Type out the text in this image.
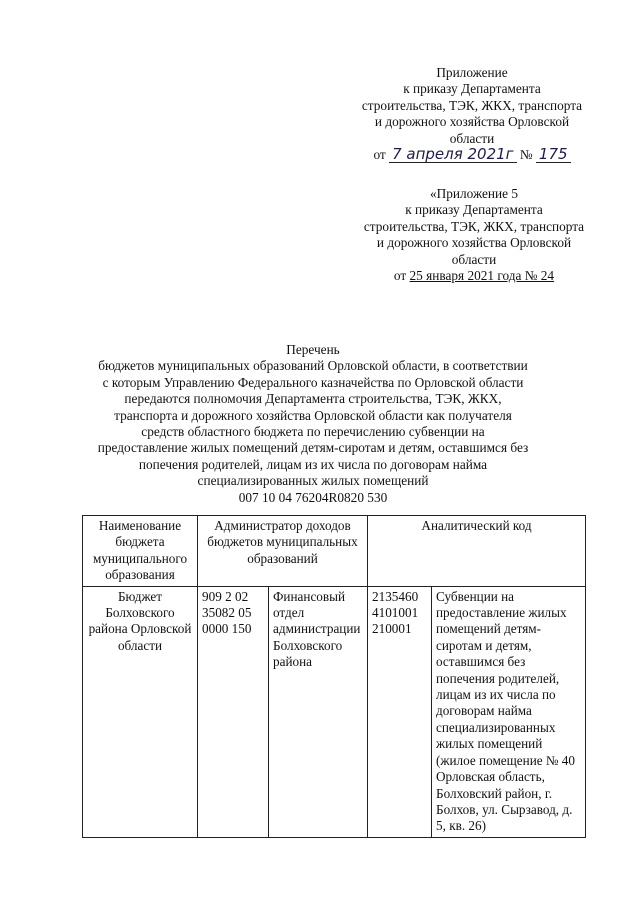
Приложение
к приказу Департамента
строительства, ТЭК, ЖКХ, транспорта
и дорожного хозяйства Орловской
области
от 7 апреля 2021г № 175
«Приложение 5
к приказу Департамента
строительства, ТЭК, ЖКХ, транспорта
и дорожного хозяйства Орловской
области
от 25 января 2021 года № 24
Перечень
бюджетов муниципальных образований Орловской области, в соответствии
с которым Управлению Федерального казначейства по Орловской области
передаются полномочия Департамента строительства, ТЭК, ЖКХ,
транспорта и дорожного хозяйства Орловской области как получателя
средств областного бюджета по перечислению субвенции на
предоставление жилых помещений детям-сиротам и детям, оставшимся без
попечения родителей, лицам из их числа по договорам найма
специализированных жилых помещений
007 10 04 76204R0820 530
Наименование бюджета муниципального образования	Администратор доходов бюджетов муниципальных образований		Аналитический код	
Бюджет Болховского района Орловской области	909 2 02 35082 05 0000 150	Финансовый отдел администрации Болховского района	2135460 4101001 210001	Субвенции на предоставление жилых помещений детям-сиротам и детям, оставшимся без попечения родителей, лицам из их числа по договорам найма специализированных жилых помещений (жилое помещение № 40 Орловская область, Болховский район, г. Болхов, ул. Сырзавод, д. 5, кв. 26)
